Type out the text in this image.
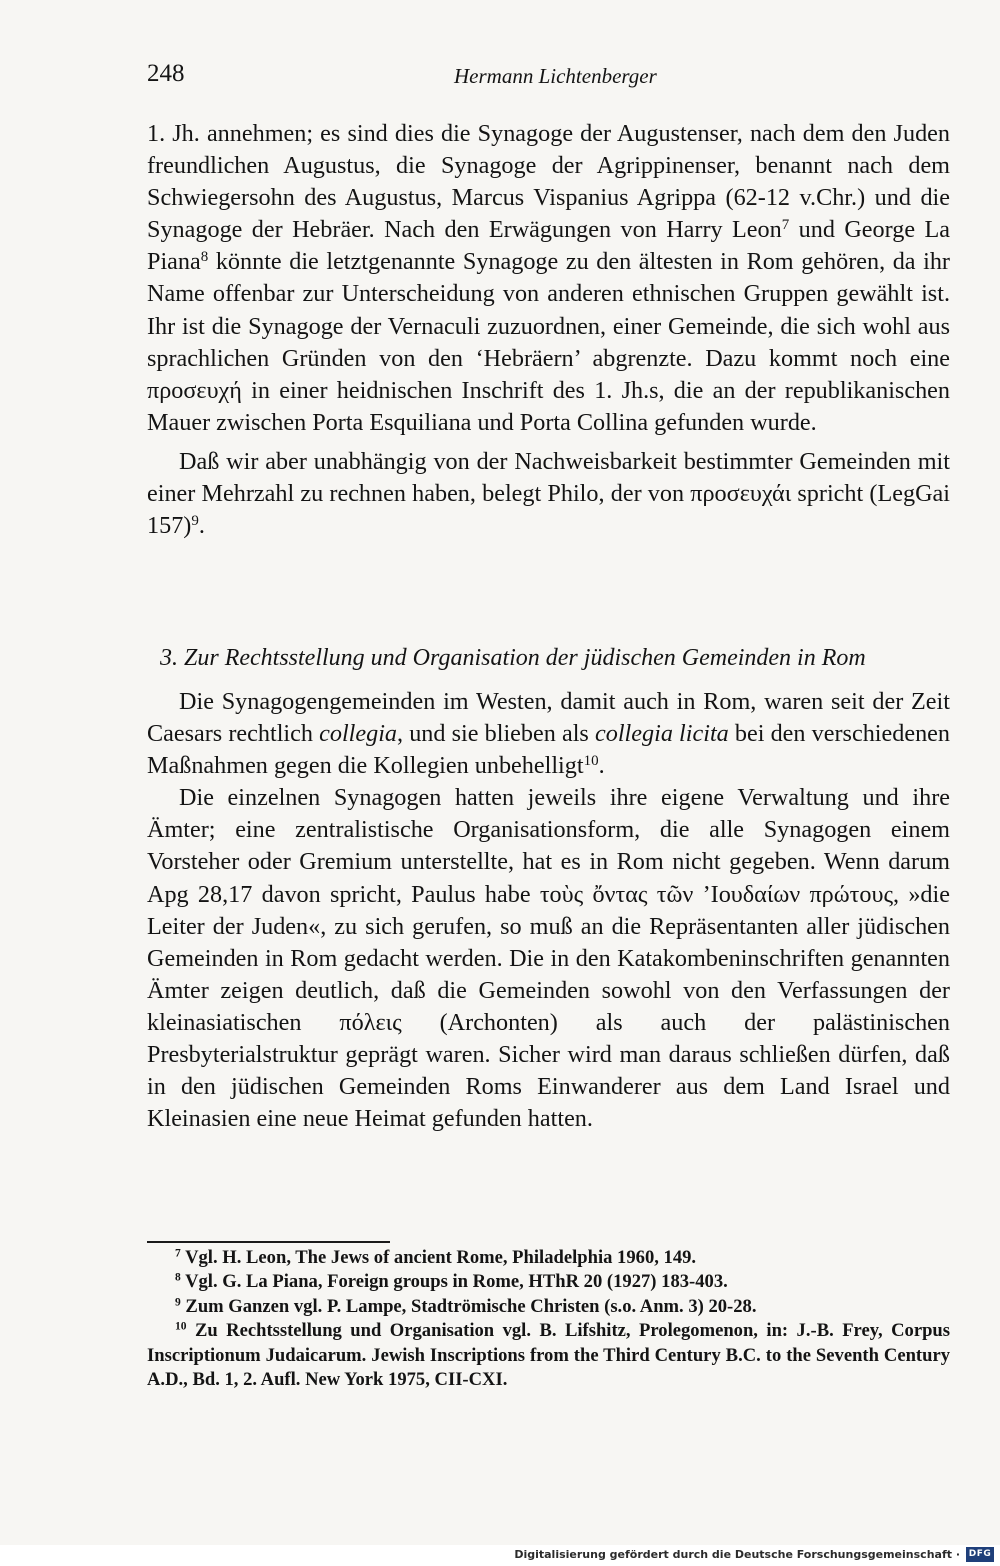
248	Hermann Lichtenberger

1. Jh. annehmen; es sind dies die Synagoge der Augustenser, nach dem den Juden freundlichen Augustus, die Synagoge der Agrippinenser, benannt nach dem Schwiegersohn des Augustus, Marcus Vispanius Agrippa (62-12 v.Chr.) und die Synagoge der Hebräer. Nach den Erwägungen von Harry Leon$^7$ und George La Piana$^8$ könnte die letztgenannte Synagoge zu den ältesten in Rom gehören, da ihr Name offenbar zur Unterscheidung von anderen ethnischen Gruppen gewählt ist. Ihr ist die Synagoge der Vernaculi zuzuordnen, einer Gemeinde, die sich wohl aus sprachlichen Gründen von den ‘Hebräern’ abgrenzte. Dazu kommt noch eine προσευχή in einer heidnischen Inschrift des 1. Jh.s, die an der republikanischen Mauer zwischen Porta Esquiliana und Porta Collina gefunden wurde.

Daß wir aber unabhängig von der Nachweisbarkeit bestimmter Gemeinden mit einer Mehrzahl zu rechnen haben, belegt Philo, der von προσευχάι spricht (LegGai 157)$^9$.

3. Zur Rechtsstellung und Organisation der jüdischen Gemeinden in Rom

Die Synagogengemeinden im Westen, damit auch in Rom, waren seit der Zeit Caesars rechtlich collegia, und sie blieben als collegia licita bei den verschiedenen Maßnahmen gegen die Kollegien unbehelligt$^{10}$.

Die einzelnen Synagogen hatten jeweils ihre eigene Verwaltung und ihre Ämter; eine zentralistische Organisationsform, die alle Synagogen einem Vorsteher oder Gremium unterstellte, hat es in Rom nicht gegeben. Wenn darum Apg 28,17 davon spricht, Paulus habe τοὺς ὄντας τῶν ’Ιουδαίων πρώτους, »die Leiter der Juden«, zu sich gerufen, so muß an die Repräsentanten aller jüdischen Gemeinden in Rom gedacht werden. Die in den Katakombeninschriften genannten Ämter zeigen deutlich, daß die Gemeinden sowohl von den Verfassungen der kleinasiatischen πόλεις (Archonten) als auch der palästinischen Presbyterialstruktur geprägt waren. Sicher wird man daraus schließen dürfen, daß in den jüdischen Gemeinden Roms Einwanderer aus dem Land Israel und Kleinasien eine neue Heimat gefunden hatten.

$^7$ Vgl. H. Leon, The Jews of ancient Rome, Philadelphia 1960, 149.

$^8$ Vgl. G. La Piana, Foreign groups in Rome, HThR 20 (1927) 183-403.

$^9$ Zum Ganzen vgl. P. Lampe, Stadtrömische Christen (s.o. Anm. 3) 20-28.

$^{10}$ Zu Rechtsstellung und Organisation vgl. B. Lifshitz, Prolegomenon, in: J.-B. Frey, Corpus Inscriptionum Judaicarum. Jewish Inscriptions from the Third Century B.C. to the Seventh Century A.D., Bd. 1, 2. Aufl. New York 1975, CII-CXI.

Digitalisierung gefördert durch die Deutsche Forschungsgemeinschaft · DFG
